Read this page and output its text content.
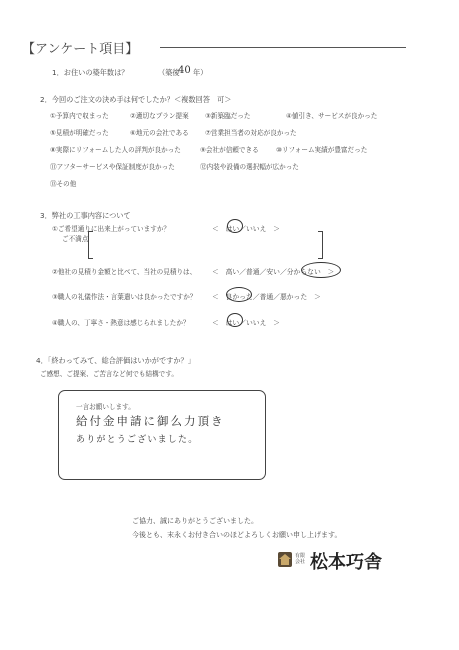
【アンケート項目】
1．お住いの築年数は？	（築後
40 年）
2．今回のご注文の決め手は何でしたか？＜複数回答　可＞
①予算内で収まった	②適切なプラン提案 ③新築臨だった	④値引き、サービスが良かった
⑤見積が明確だった	⑥地元の会社である ⑦営業担当者の対応が良かった
⑧実際にリフォームした人の評判が良かった	⑨会社が信頼できる	⑩リフォーム実績が豊富だった
⑪アフターサービスや保証制度が良かった	⑫内装や設備の選択幅が広かった
⑬その他
3．弊社の工事内容について
①ご希望通りに出来上がっていますか？	＜　はい／いいえ　＞
ご不満点
②他社の見積り金額と比べて、当社の見積りは、 ＜　高い／普通／安い／分からない　＞
③職人の礼儀作法・言葉遣いは良かったですか？ ＜　良かった／普通／悪かった　＞
④職人の、丁寧さ・熱意は感じられましたか？	＜　はい／いいえ　＞
4．「終わってみて、総合評価はいかがですか？」
ご感想、ご提案、ご苦言など何でも結構です。
一言お願いします。
給付金申請に御么力頂き
ありがとうございました。
ご協力、誠にありがとうございました。
今後とも、末永くお付き合いのほどよろしくお願い申し上げます。
有限会社 松本巧舎
